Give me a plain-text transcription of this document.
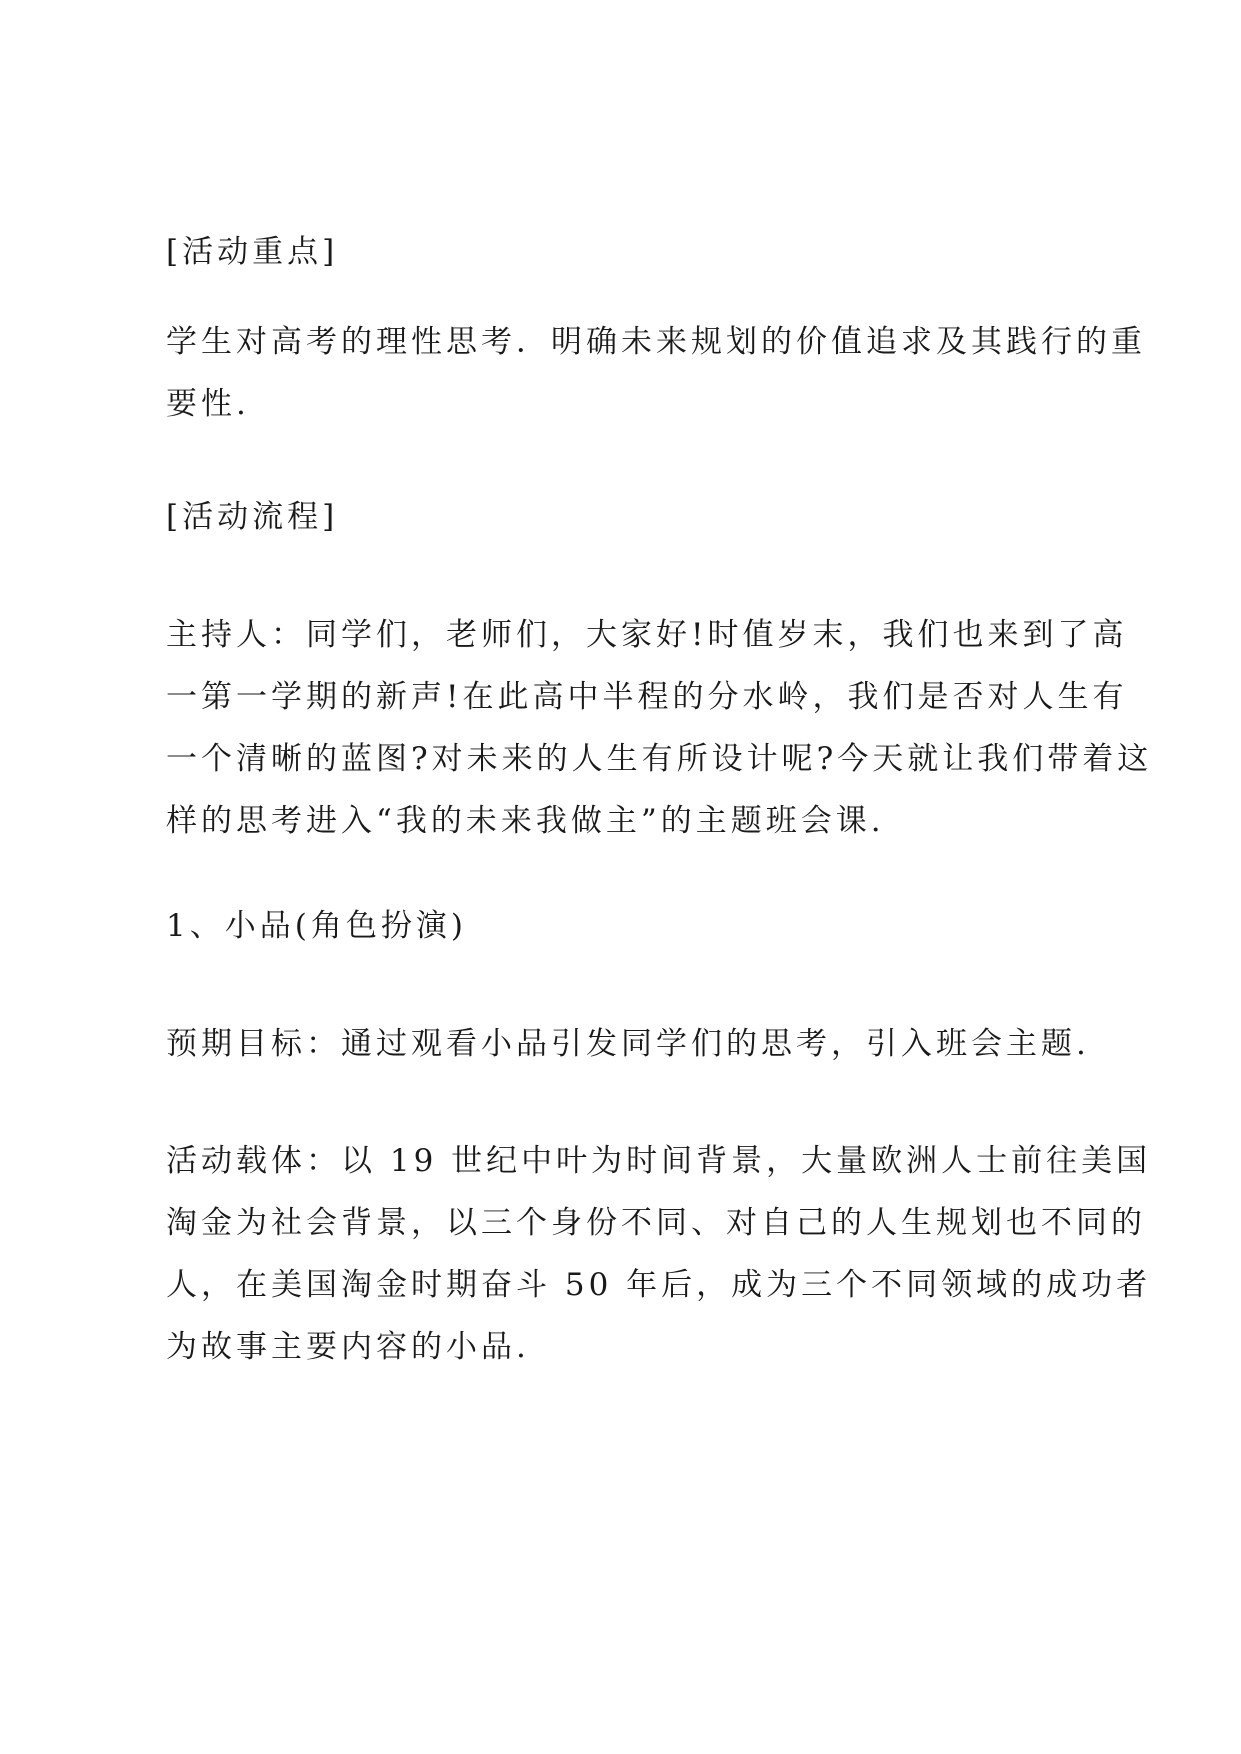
[活动重点]

学生对高考的理性思考．明确未来规划的价值追求及其践行的重
要性.

[活动流程]

主持人：同学们，老师们，大家好!时值岁末，我们也来到了高
一第一学期的新声!在此高中半程的分水岭，我们是否对人生有
一个清晰的蓝图?对未来的人生有所设计呢?今天就让我们带着这
样的思考进入“我的未来我做主”的主题班会课.

1、小品(角色扮演)

预期目标：通过观看小品引发同学们的思考，引入班会主题.

活动载体：以 19 世纪中叶为时间背景，大量欧洲人士前往美国
淘金为社会背景，以三个身份不同、对自己的人生规划也不同的
人，在美国淘金时期奋斗 50 年后，成为三个不同领域的成功者
为故事主要内容的小品.
